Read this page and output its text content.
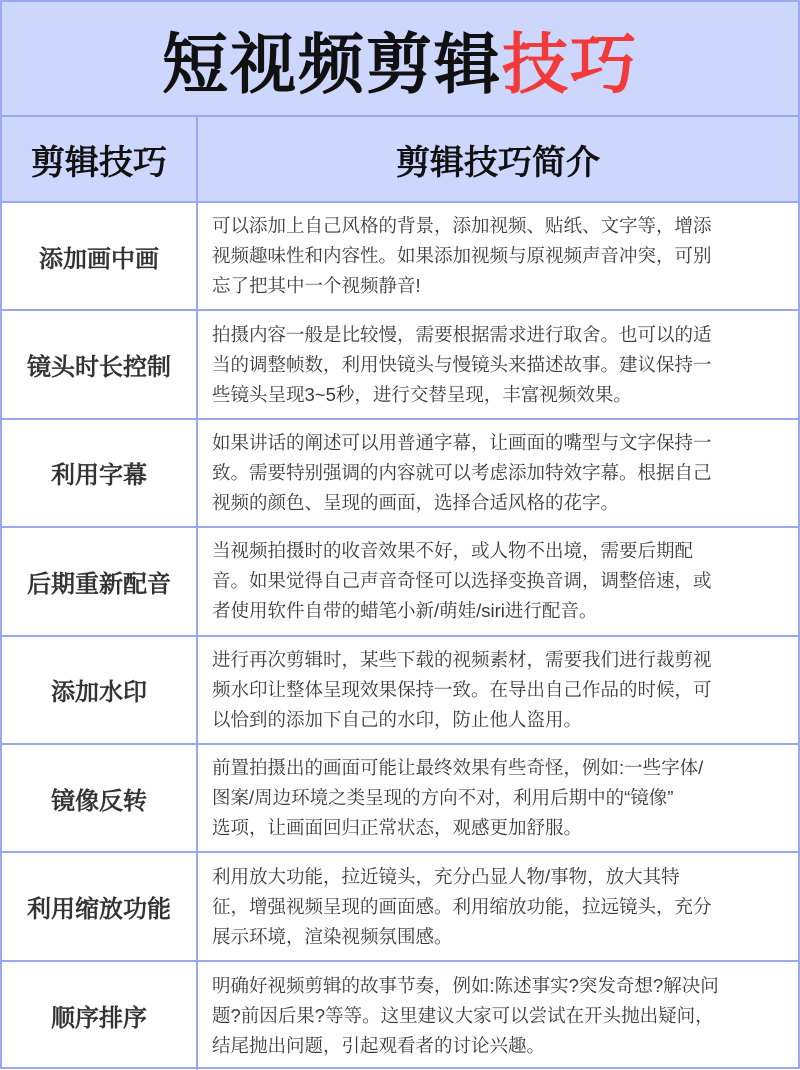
短视频剪辑 技巧
剪辑技巧	剪辑技巧简介
添加画中画
可以添加上自己风格的背景，添加视频、贴纸、文字等，增添
视频趣味性和内容性。如果添加视频与原视频声音冲突，可别
忘了把其中一个视频静音!
镜头时长控制
拍摄内容一般是比较慢，需要根据需求进行取舍。也可以的适
当的调整帧数，利用快镜头与慢镜头来描述故事。建议保持一
些镜头呈现3~5秒，进行交替呈现，丰富视频效果。
利用字幕
如果讲话的阐述可以用普通字幕，让画面的嘴型与文字保持一
致。需要特别强调的内容就可以考虑添加特效字幕。根据自己
视频的颜色、呈现的画面，选择合适风格的花字。
后期重新配音
当视频拍摄时的收音效果不好，或人物不出境，需要后期配
音。如果觉得自己声音奇怪可以选择变换音调，调整倍速，或
者使用软件自带的蜡笔小新/萌娃/siri进行配音。
添加水印
进行再次剪辑时，某些下载的视频素材，需要我们进行裁剪视
频水印让整体呈现效果保持一致。在导出自己作品的时候，可
以恰到的添加下自己的水印，防止他人盗用。
镜像反转
前置拍摄出的画面可能让最终效果有些奇怪，例如:一些字体/
图案/周边环境之类呈现的方向不对，利用后期中的“镜像”
选项，让画面回归正常状态，观感更加舒服。
利用缩放功能
利用放大功能，拉近镜头，充分凸显人物/事物，放大其特
征，增强视频呈现的画面感。利用缩放功能，拉远镜头，充分
展示环境，渲染视频氛围感。
顺序排序
明确好视频剪辑的故事节奏，例如:陈述事实?突发奇想?解决问
题?前因后果?等等。这里建议大家可以尝试在开头抛出疑问，
结尾抛出问题，引起观看者的讨论兴趣。
